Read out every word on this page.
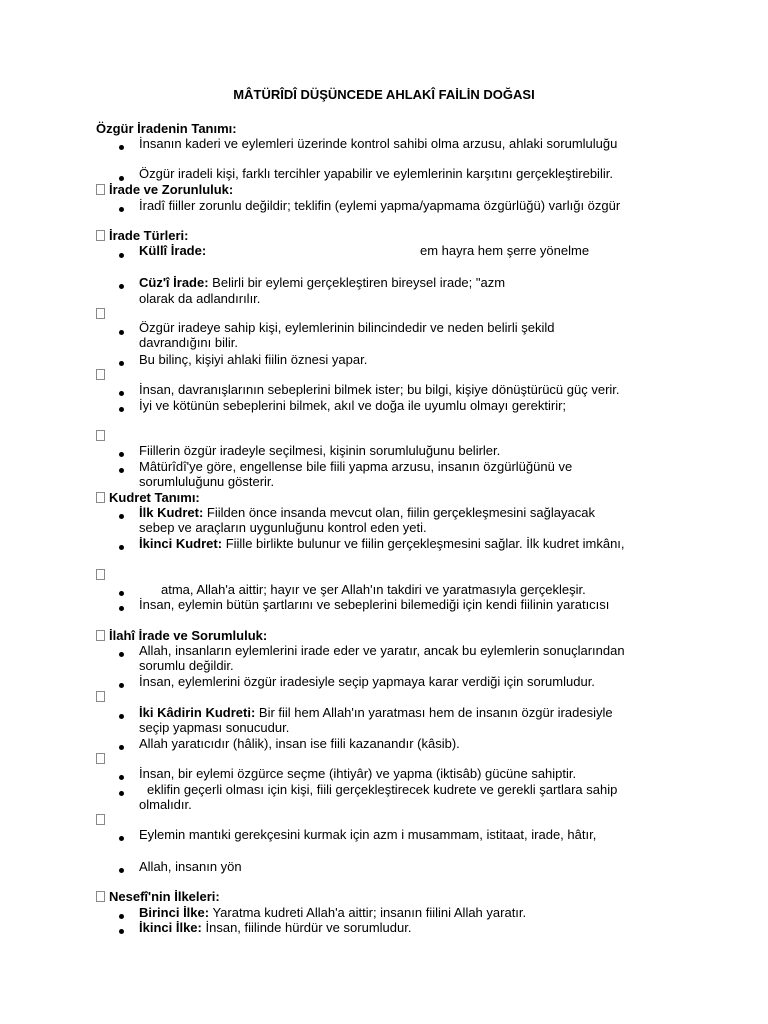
MÂTÜRÎDÎ DÜŞÜNCEDE AHLAKÎ FAİLİN DOĞASI
Özgür İradenin Tanımı:
İnsanın kaderi ve eylemleri üzerinde kontrol sahibi olma arzusu, ahlaki sorumluluğu
Özgür iradeli kişi, farklı tercihler yapabilir ve eylemlerinin karşıtını gerçekleştirebilir.
İrade ve Zorunluluk:
İradî fiiller zorunlu değildir; teklifin (eylemi yapma/yapmama özgürlüğü) varlığı özgür
İrade Türleri:
Küllî İrade:	em hayra hem şerre yönelme
Cüz'î İrade: Belirli bir eylemi gerçekleştiren bireysel irade; "azm
olarak da adlandırılır.
Özgür iradeye sahip kişi, eylemlerinin bilincindedir ve neden belirli şekild
davrandığını bilir.
Bu bilinç, kişiyi ahlaki fiilin öznesi yapar.
İnsan, davranışlarının sebeplerini bilmek ister; bu bilgi, kişiye dönüştürücü güç verir.
İyi ve kötünün sebeplerini bilmek, akıl ve doğa ile uyumlu olmayı gerektirir;
Fiillerin özgür iradeyle seçilmesi, kişinin sorumluluğunu belirler.
Mâtürîdî'ye göre, engellense bile fiili yapma arzusu, insanın özgürlüğünü ve
sorumluluğunu gösterir.
Kudret Tanımı:
İlk Kudret: Fiilden önce insanda mevcut olan, fiilin gerçekleşmesini sağlayacak
sebep ve araçların uygunluğunu kontrol eden yeti.
İkinci Kudret: Fiille birlikte bulunur ve fiilin gerçekleşmesini sağlar. İlk kudret imkânı,
atma, Allah'a aittir; hayır ve şer Allah'ın takdiri ve yaratmasıyla gerçekleşir.
İnsan, eylemin bütün şartlarını ve sebeplerini bilemediği için kendi fiilinin yaratıcısı
İlahî İrade ve Sorumluluk:
Allah, insanların eylemlerini irade eder ve yaratır, ancak bu eylemlerin sonuçlarından
sorumlu değildir.
İnsan, eylemlerini özgür iradesiyle seçip yapmaya karar verdiği için sorumludur.
İki Kâdirin Kudreti: Bir fiil hem Allah'ın yaratması hem de insanın özgür iradesiyle
seçip yapması sonucudur.
Allah yaratıcıdır (hâlik), insan ise fiili kazanandır (kâsib).
İnsan, bir eylemi özgürce seçme (ihtiyâr) ve yapma (iktisâb) gücüne sahiptir.
eklifin geçerli olması için kişi, fiili gerçekleştirecek kudrete ve gerekli şartlara sahip
olmalıdır.
Eylemin mantıki gerekçesini kurmak için azm i musammam, istitaat, irade, hâtır,
Allah, insanın yön
Nesefî'nin İlkeleri:
Birinci İlke: Yaratma kudreti Allah'a aittir; insanın fiilini Allah yaratır.
İkinci İlke: İnsan, fiilinde hürdür ve sorumludur.
